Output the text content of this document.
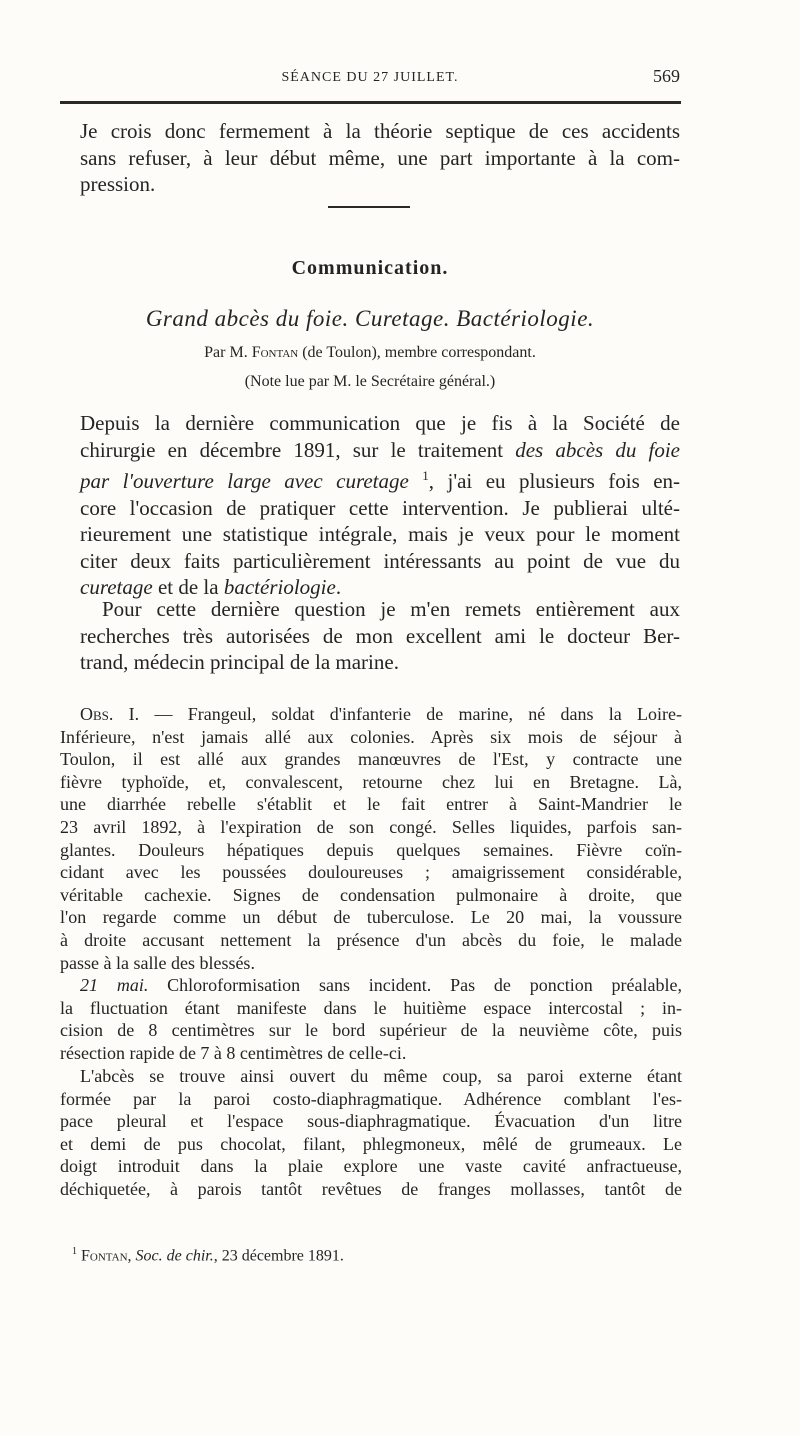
SÉANCE DU 27 JUILLET.	569

Je crois donc fermement à la théorie septique de ces accidents
sans refuser, à leur début même, une part importante à la com-
pression.

Communication.
Grand abcès du foie. Curetage. Bactériologie.
Par M. Fontan (de Toulon), membre correspondant.
(Note lue par M. le Secrétaire général.)

Depuis la dernière communication que je fis à la Société de
chirurgie en décembre 1891, sur le traitement des abcès du foie
par l'ouverture large avec curetage $^1$, j'ai eu plusieurs fois en-
core l'occasion de pratiquer cette intervention. Je publierai ulté-
rieurement une statistique intégrale, mais je veux pour le moment
citer deux faits particulièrement intéressants au point de vue du
curetage et de la bactériologie.

Pour cette dernière question je m'en remets entièrement aux
recherches très autorisées de mon excellent ami le docteur Ber-
trand, médecin principal de la marine.

Obs. I. — Frangeul, soldat d'infanterie de marine, né dans la Loire-
Inférieure, n'est jamais allé aux colonies. Après six mois de séjour à
Toulon, il est allé aux grandes manœuvres de l'Est, y contracte une
fièvre typhoïde, et, convalescent, retourne chez lui en Bretagne. Là,
une diarrhée rebelle s'établit et le fait entrer à Saint-Mandrier le
23 avril 1892, à l'expiration de son congé. Selles liquides, parfois san-
glantes. Douleurs hépatiques depuis quelques semaines. Fièvre coïn-
cidant avec les poussées douloureuses ; amaigrissement considérable,
véritable cachexie. Signes de condensation pulmonaire à droite, que
l'on regarde comme un début de tuberculose. Le 20 mai, la voussure
à droite accusant nettement la présence d'un abcès du foie, le malade
passe à la salle des blessés.

21 mai. Chloroformisation sans incident. Pas de ponction préalable,
la fluctuation étant manifeste dans le huitième espace intercostal ; in-
cision de 8 centimètres sur le bord supérieur de la neuvième côte, puis
résection rapide de 7 à 8 centimètres de celle-ci.

L'abcès se trouve ainsi ouvert du même coup, sa paroi externe étant
formée par la paroi costo-diaphragmatique. Adhérence comblant l'es-
pace pleural et l'espace sous-diaphragmatique. Évacuation d'un litre
et demi de pus chocolat, filant, phlegmoneux, mêlé de grumeaux. Le
doigt introduit dans la plaie explore une vaste cavité anfractueuse,
déchiquetée, à parois tantôt revêtues de franges mollasses, tantôt de

$^1$ Fontan, Soc. de chir., 23 décembre 1891.
